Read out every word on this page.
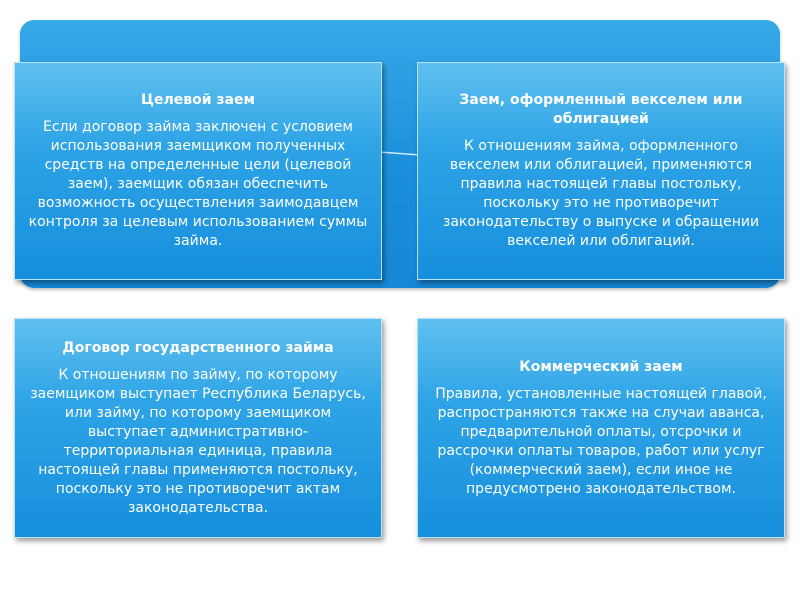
Целевой заем
Если договор займа заключен с условием использования заемщиком полученных средств на определенные цели (целевой заем), заемщик обязан обеспечить возможность осуществления заимодавцем контроля за целевым использованием суммы займа.
Заем, оформленный векселем или облигацией
К отношениям займа, оформленного векселем или облигацией, применяются правила настоящей главы постольку, поскольку это не противоречит законодательству о выпуске и обращении векселей или облигаций.
Договор государственного займа
К отношениям по займу, по которому заемщиком выступает Республика Беларусь, или займу, по которому заемщиком выступает административно-территориальная единица, правила настоящей главы применяются постольку, поскольку это не противоречит актам законодательства.
Коммерческий заем
Правила, установленные настоящей главой, распространяются также на случаи аванса, предварительной оплаты, отсрочки и рассрочки оплаты товаров, работ или услуг (коммерческий заем), если иное не предусмотрено законодательством.
